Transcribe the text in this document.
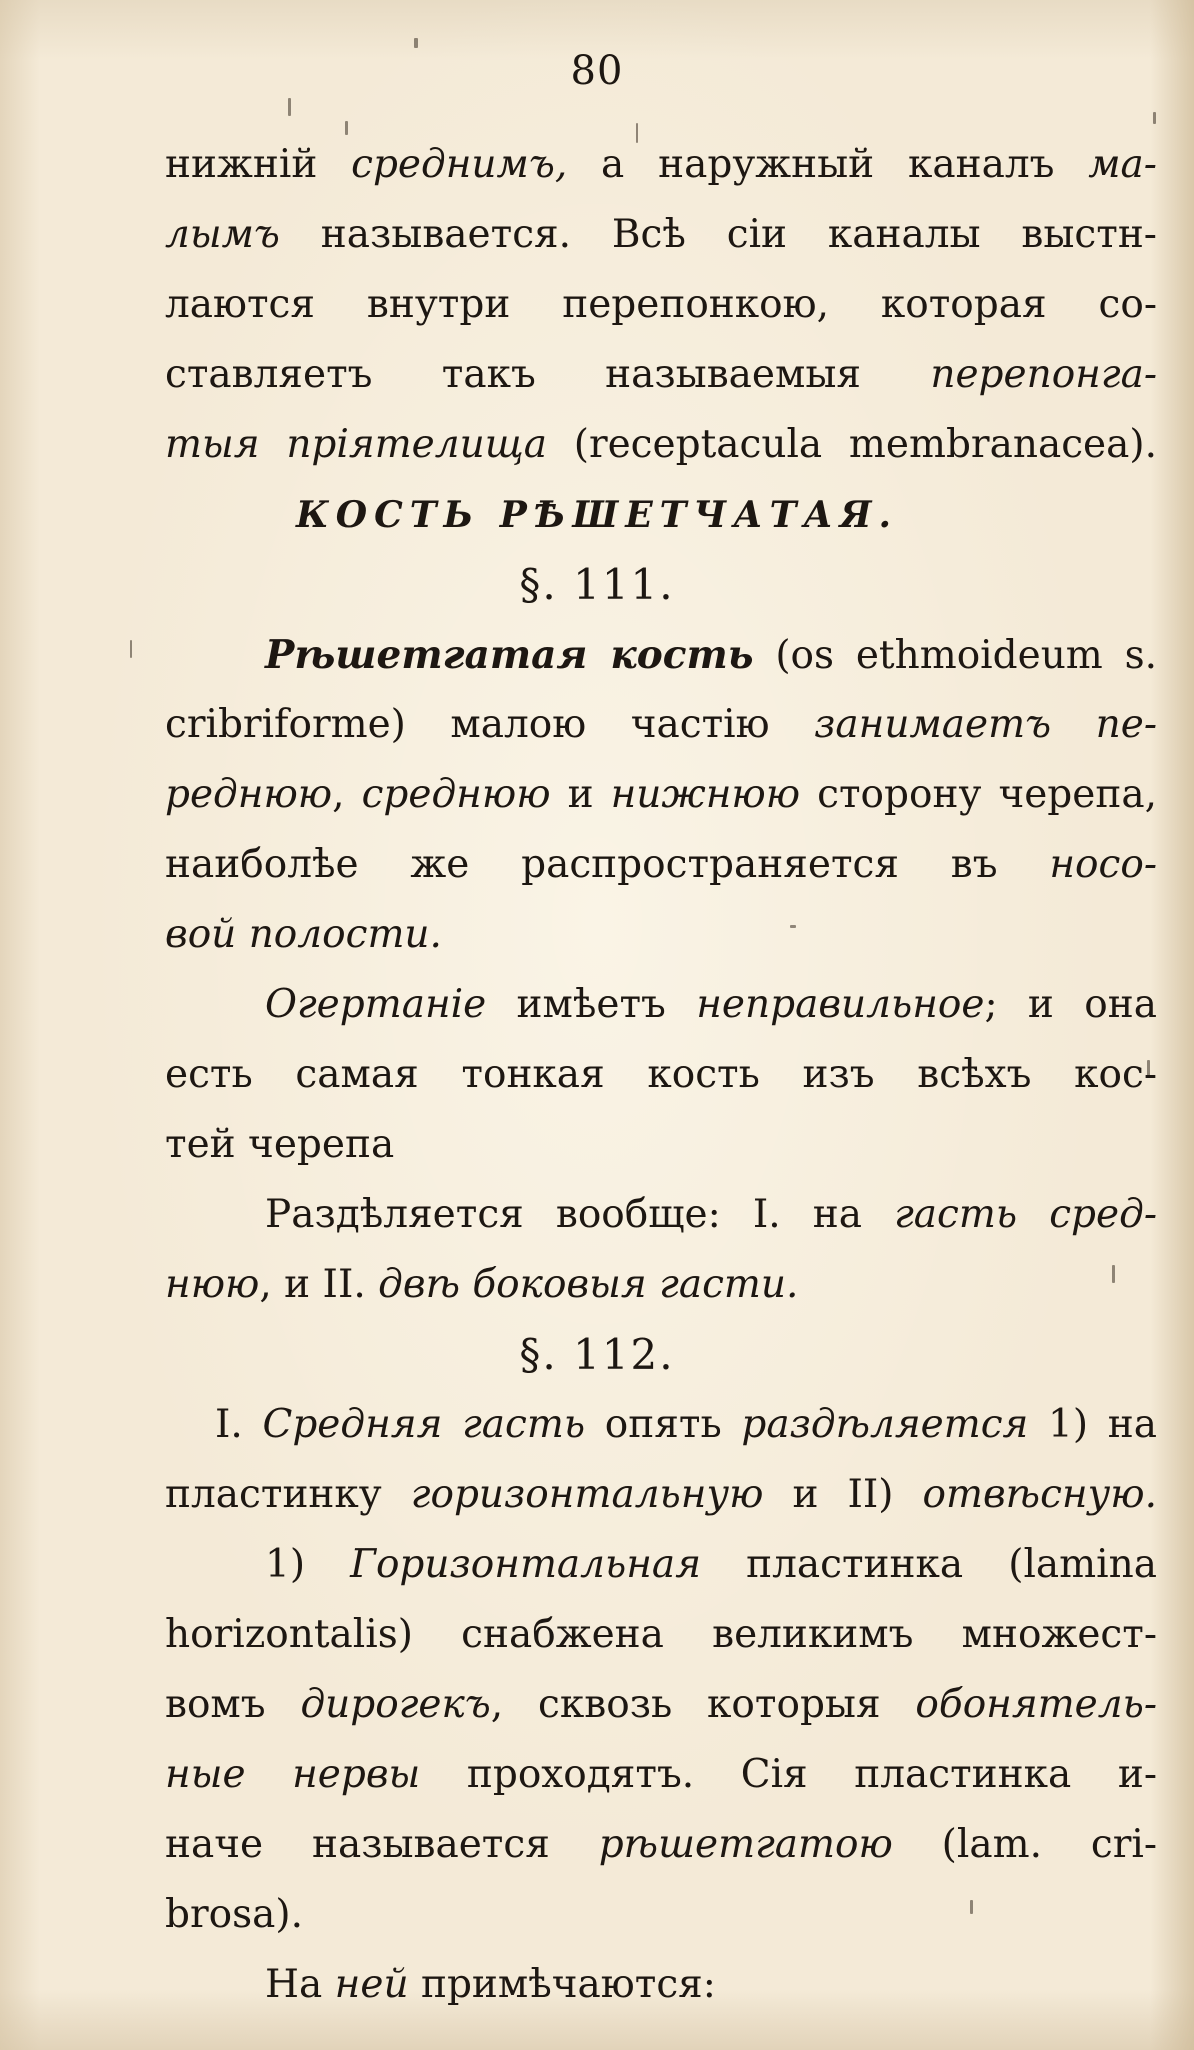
80
нижній среднимъ, а наружный каналъ ма-
лымъ называется. Всѣ сіи каналы выстн-
лаются внутри перепонкою, которая со-
ставляетъ такъ называемыя перепонга-
тыя пріятелища (receptacula membranacea).
КОСТЬ РѢШЕТЧАТАЯ.
§. 111.
Рѣшетгатая кость (os ethmoideum s.
cribriforme) малою частію занимаетъ пе-
реднюю, среднюю и нижнюю сторону черепа,
наиболѣе же распространяется въ носо-
вой полости.
Огертаніе имѣетъ неправильное; и она
есть самая тонкая кость изъ всѣхъ кос-
тей черепа
Раздѣляется вообще: I. на гасть сред-
нюю, и II. двѣ боковыя гасти.
§. 112.
I. Средняя гасть опять раздѣляется 1) на
пластинку горизонтальную и II) отвѣсную.
1) Горизонтальная пластинка (lamina
horizontalis) снабжена великимъ множест-
вомъ дирогекъ, сквозь которыя обонятель-
ные нервы проходятъ. Сія пластинка и-
наче называется рѣшетгатою (lam. cri-
brosa).
На ней примѣчаются:
